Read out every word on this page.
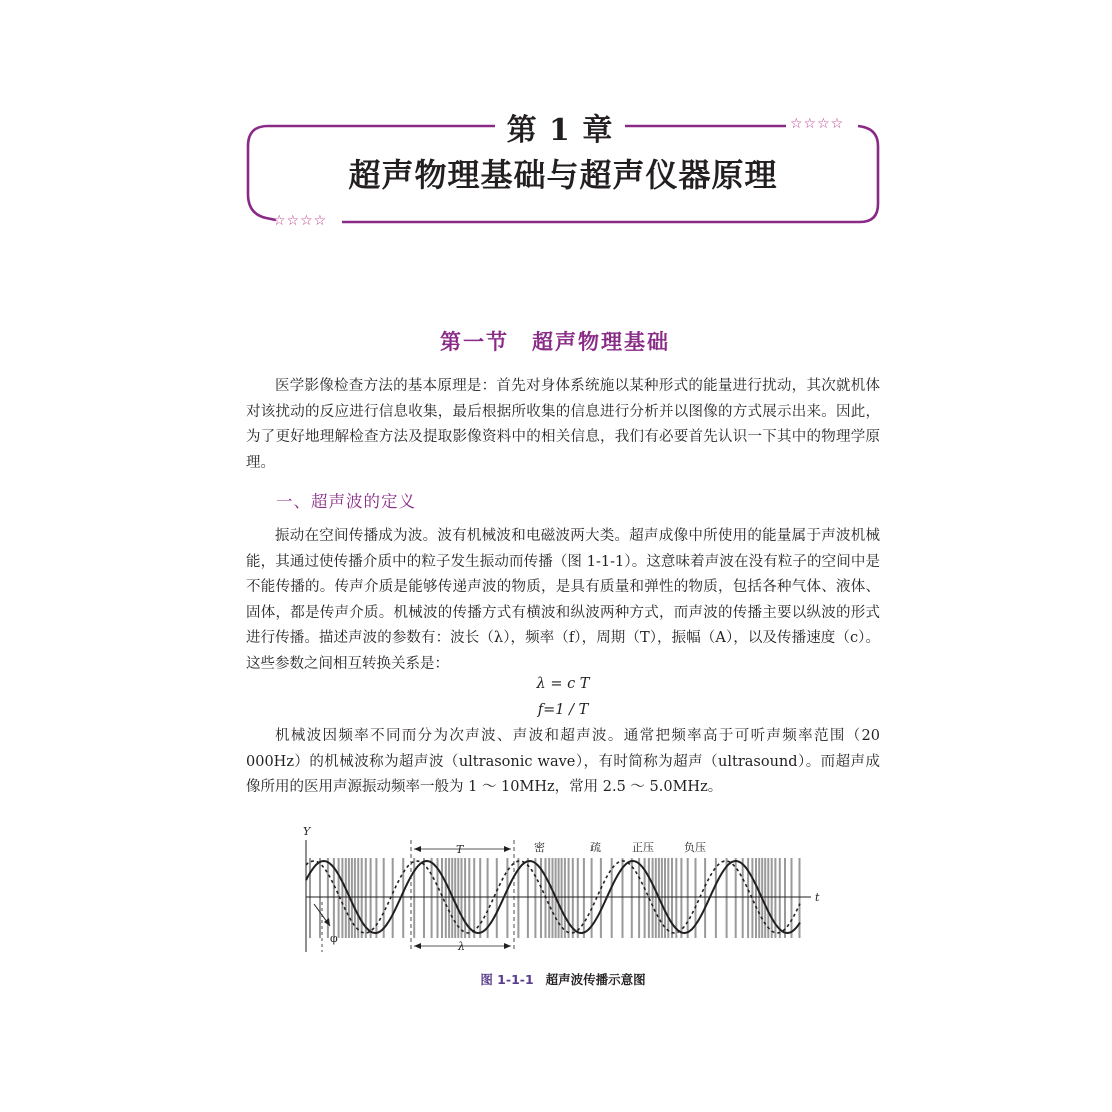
☆☆☆☆
☆☆☆☆
第 1 章
超声物理基础与超声仪器原理
第一节　超声物理基础

医学影像检查方法的基本原理是：首先对身体系统施以某种形式的能量进行扰动，其次就机体对该扰动的反应进行信息收集，最后根据所收集的信息进行分析并以图像的方式展示出来。因此，为了更好地理解检查方法及提取影像资料中的相关信息，我们有必要首先认识一下其中的物理学原理。

一、超声波的定义

振动在空间传播成为波。波有机械波和电磁波两大类。超声成像中所使用的能量属于声波机械能，其通过使传播介质中的粒子发生振动而传播（图 1-1-1）。这意味着声波在没有粒子的空间中是不能传播的。传声介质是能够传递声波的物质，是具有质量和弹性的物质，包括各种气体、液体、固体，都是传声介质。机械波的传播方式有横波和纵波两种方式，而声波的传播主要以纵波的形式进行传播。描述声波的参数有：波长（λ），频率（f），周期（T），振幅（A），以及传播速度（c）。这些参数之间相互转换关系是：

λ = c T
f=1 / T

机械波因频率不同而分为次声波、声波和超声波。通常把频率高于可听声频率范围（20 000Hz）的机械波称为超声波（ultrasonic wave），有时简称为超声（ultrasound）。而超声成像所用的医用声源振动频率一般为 1 ～ 10MHz，常用 2.5 ～ 5.0MHz。

Y
t
T
λ
φ
密	疏	正压	负压
图 1-1-1 超声波传播示意图
